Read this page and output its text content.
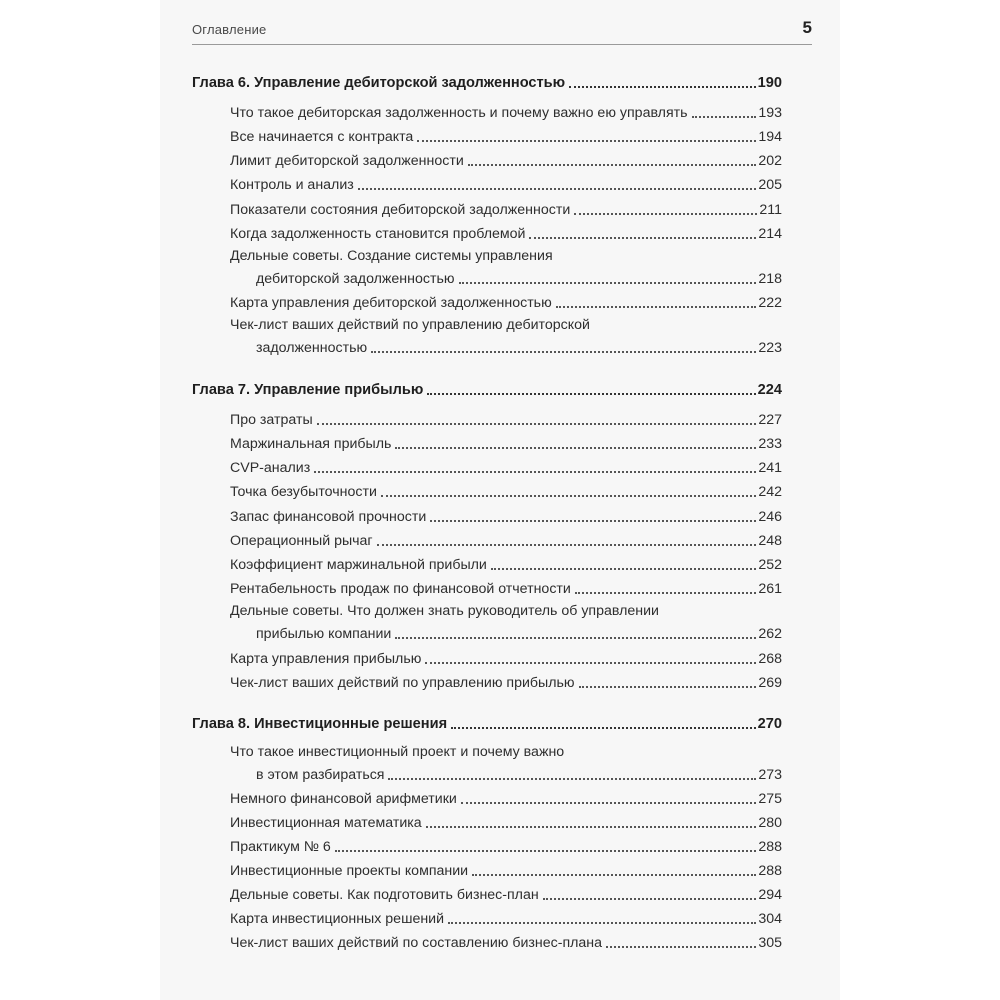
Оглавление	5
Глава 6. Управление дебиторской задолженностью	190
Что такое дебиторская задолженность и почему важно ею управлять	193
Все начинается с контракта	194
Лимит дебиторской задолженности	202
Контроль и анализ	205
Показатели состояния дебиторской задолженности	211
Когда задолженность становится проблемой	214
Дельные советы. Создание системы управления
дебиторской задолженностью	218
Карта управления дебиторской задолженностью	222
Чек-лист ваших действий по управлению дебиторской
задолженностью	223
Глава 7. Управление прибылью	224
Про затраты	227
Маржинальная прибыль	233
CVP-анализ	241
Точка безубыточности	242
Запас финансовой прочности	246
Операционный рычаг	248
Коэффициент маржинальной прибыли	252
Рентабельность продаж по финансовой отчетности	261
Дельные советы. Что должен знать руководитель об управлении
прибылью компании	262
Карта управления прибылью	268
Чек-лист ваших действий по управлению прибылью	269
Глава 8. Инвестиционные решения	270
Что такое инвестиционный проект и почему важно
в этом разбираться	273
Немного финансовой арифметики	275
Инвестиционная математика	280
Практикум № 6	288
Инвестиционные проекты компании	288
Дельные советы. Как подготовить бизнес-план	294
Карта инвестиционных решений	304
Чек-лист ваших действий по составлению бизнес-плана	305
